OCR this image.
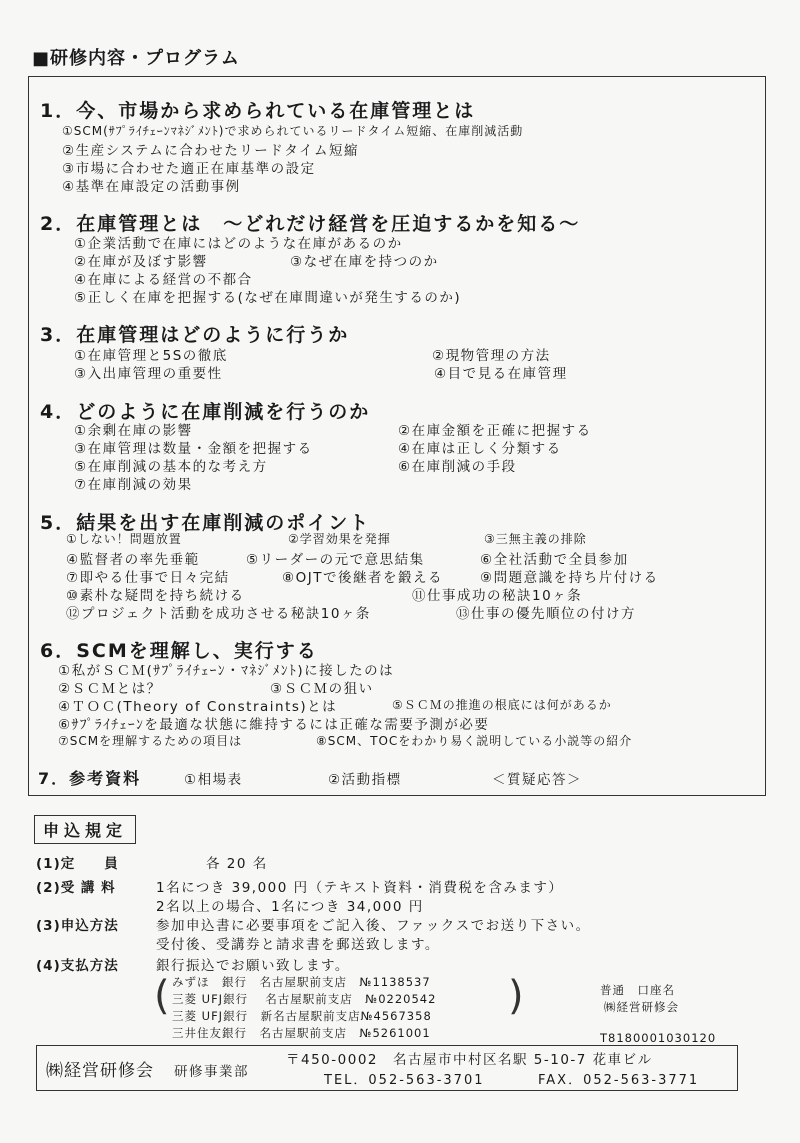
■研修内容・プログラム
1．今、市場から求められている在庫管理とは
①SCM(ｻﾌﾟﾗｲﾁｪｰﾝﾏﾈｼﾞﾒﾝﾄ)で求められているリードタイム短縮、在庫削減活動
②生産システムに合わせたリードタイム短縮
③市場に合わせた適正在庫基準の設定
④基準在庫設定の活動事例
2．在庫管理とは　～どれだけ経営を圧迫するかを知る～
①企業活動で在庫にはどのような在庫があるのか
②在庫が及ぼす影響	③なぜ在庫を持つのか
④在庫による経営の不都合
⑤正しく在庫を把握する(なぜ在庫間違いが発生するのか)
3．在庫管理はどのように行うか
①在庫管理と5Sの徹底	②現物管理の方法
③入出庫管理の重要性	④目で見る在庫管理
4．どのように在庫削減を行うのか
①余剰在庫の影響	②在庫金額を正確に把握する
③在庫管理は数量・金額を把握する	④在庫は正しく分類する
⑤在庫削減の基本的な考え方	⑥在庫削減の手段
⑦在庫削減の効果
5．結果を出す在庫削減のポイント
①しない！問題放置	②学習効果を発揮	③三無主義の排除
④監督者の率先垂範	⑤リーダーの元で意思結集	⑥全社活動で全員参加
⑦即やる仕事で日々完結	⑧OJTで後継者を鍛える	⑨問題意識を持ち片付ける
⑩素朴な疑問を持ち続ける	⑪仕事成功の秘訣10ヶ条
⑫プロジェクト活動を成功させる秘訣10ヶ条	⑬仕事の優先順位の付け方
6．SCMを理解し、実行する
①私がＳＣＭ(ｻﾌﾟﾗｲﾁｪｰﾝ・ﾏﾈｼﾞﾒﾝﾄ)に接したのは
②ＳＣＭとは？	③ＳＣＭの狙い
④ＴＯＣ(Theory of Constraints)とは	⑤ＳＣＭの推進の根底には何があるか
⑥ｻﾌﾟﾗｲﾁｪｰﾝを最適な状態に維持するには正確な需要予測が必要
⑦SCMを理解するための項目は	⑧SCM、TOCをわかり易く説明している小説等の紹介
7．参考資料	①相場表	②活動指標	＜質疑応答＞
申込規定
(1)定　　員	各 20 名
(2)受 講 料	1名につき 39,000 円（テキスト資料・消費税を含みます）
2名以上の場合、1名につき 34,000 円
(3)申込方法	参加申込書に必要事項をご記入後、ファックスでお送り下さい。
受付後、受講券と請求書を郵送致します。
(4)支払方法	銀行振込でお願い致します。
(	)
みずほ　銀行　名古屋駅前支店　№1138537
三菱 UFJ銀行　 名古屋駅前支店　№0220542
三菱 UFJ銀行　新名古屋駅前支店№4567358
三井住友銀行　名古屋駅前支店　№5261001
普通　口座名
㈱経営研修会
T8180001030120
㈱経営研修会 研修事業部
〒450-0002　名古屋市中村区名駅 5-10-7 花車ビル
TEL．052-563-3701	FAX．052-563-3771
